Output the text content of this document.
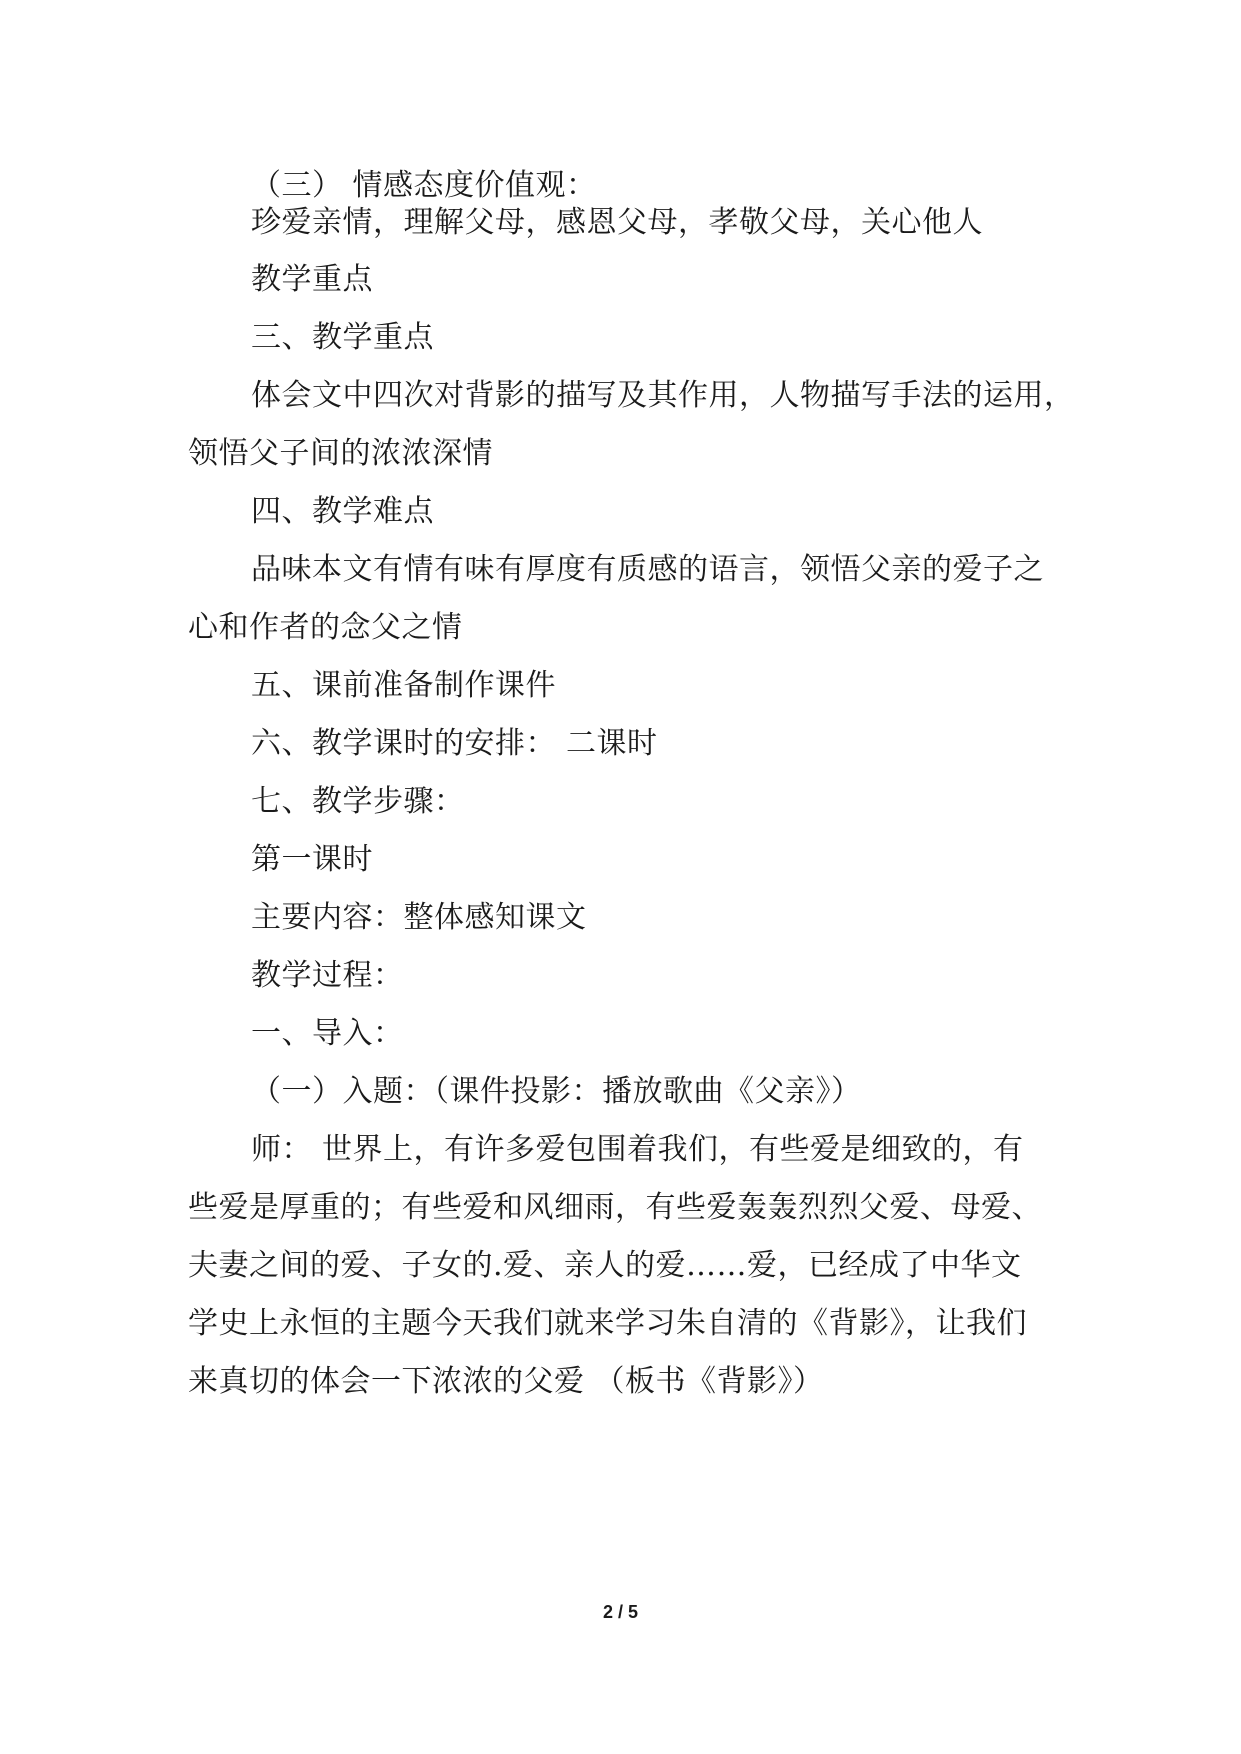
（三） 情感态度价值观：
珍爱亲情，理解父母，感恩父母，孝敬父母，关心他人
教学重点
三、教学重点
体会文中四次对背影的描写及其作用，人物描写手法的运用，
领悟父子间的浓浓深情
四、教学难点
品味本文有情有味有厚度有质感的语言，领悟父亲的爱子之
心和作者的念父之情
五、课前准备制作课件
六、教学课时的安排： 二课时
七、教学步骤：
第一课时
主要内容：整体感知课文
教学过程：
一、导入：
（一）入题：（课件投影：播放歌曲《父亲》）
师： 世界上，有许多爱包围着我们，有些爱是细致的，有
些爱是厚重的；有些爱和风细雨，有些爱轰轰烈烈父爱、母爱、
夫妻之间的爱、子女的.爱、亲人的爱……爱，已经成了中华文
学史上永恒的主题今天我们就来学习朱自清的《背影》，让我们
来真切的体会一下浓浓的父爱 （板书《背影》）
2 / 5
